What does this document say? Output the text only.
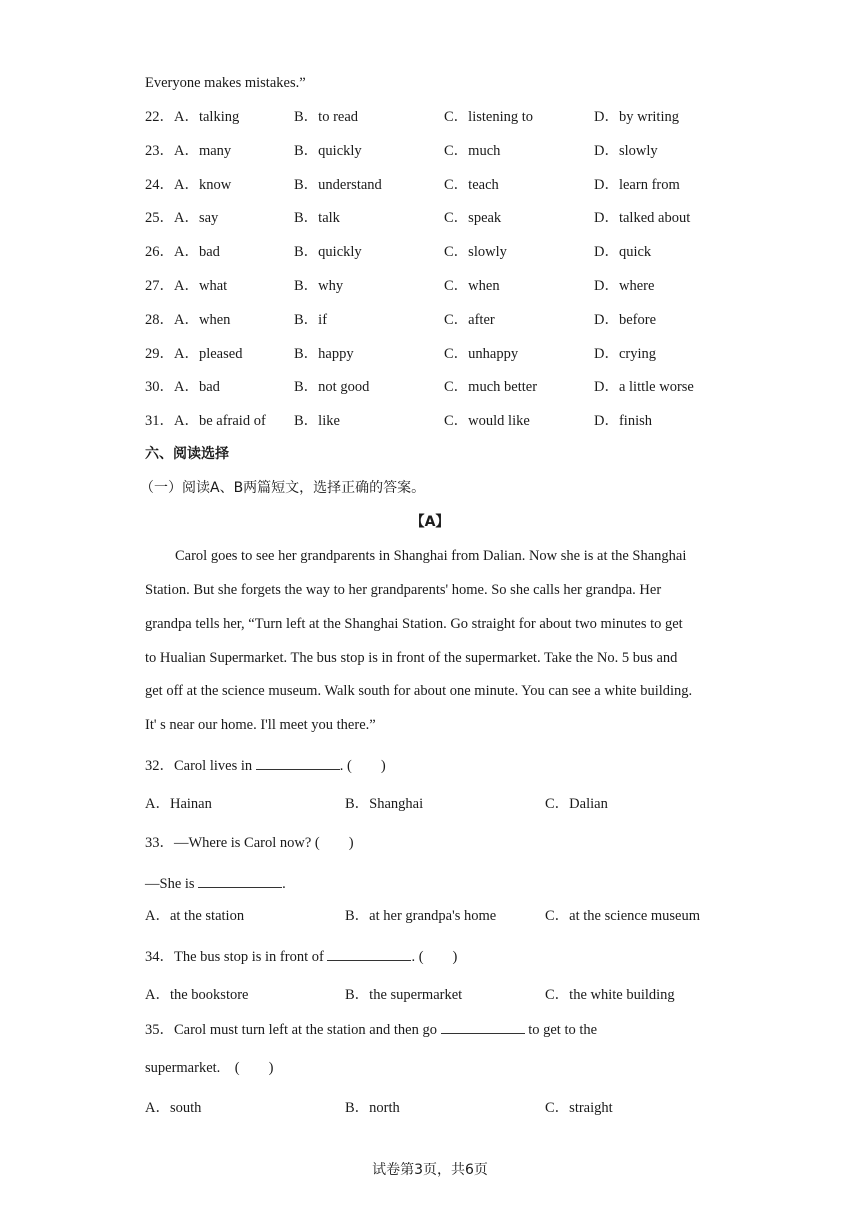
Everyone makes mistakes.”
22．A．talking	B．to read	C．listening to	D．by writing
23．A．many	B．quickly	C．much	D．slowly
24．A．know	B．understand	C．teach	D．learn from
25．A．say	B．talk	C．speak	D．talked about
26．A．bad	B．quickly	C．slowly	D．quick
27．A．what	B．why	C．when	D．where
28．A．when	B．if	C．after	D．before
29．A．pleased	B．happy	C．unhappy	D．crying
30．A．bad	B．not good	C．much better	D．a little worse
31．A．be afraid of B．like	C．would like	D．finish
六、阅读选择
（一）阅读A、B两篇短文，选择正确的答案。
【A】
Carol goes to see her grandparents in Shanghai from Dalian. Now she is at the Shanghai
Station. But she forgets the way to her grandparents' home. So she calls her grandpa. Her
grandpa tells her, “Turn left at the Shanghai Station. Go straight for about two minutes to get
to Hualian Supermarket. The bus stop is in front of the supermarket. Take the No. 5 bus and
get off at the science museum. Walk south for about one minute. You can see a white building.
It' s near our home. I'll meet you there.”
32．Carol lives in	. (　　)
A．Hainan	B．Shanghai	C．Dalian
33．—Where is Carol now? (　　)
—She is	.
A．at the station	B．at her grandpa's home	C．at the science museum
34．The bus stop is in front of	. (　　)
A．the bookstore	B．the supermarket	C．the white building
35．Carol must turn left at the station and then go	to get to the
supermarket.　(　　)
A．south	B．north	C．straight
试卷第3页，共6页
